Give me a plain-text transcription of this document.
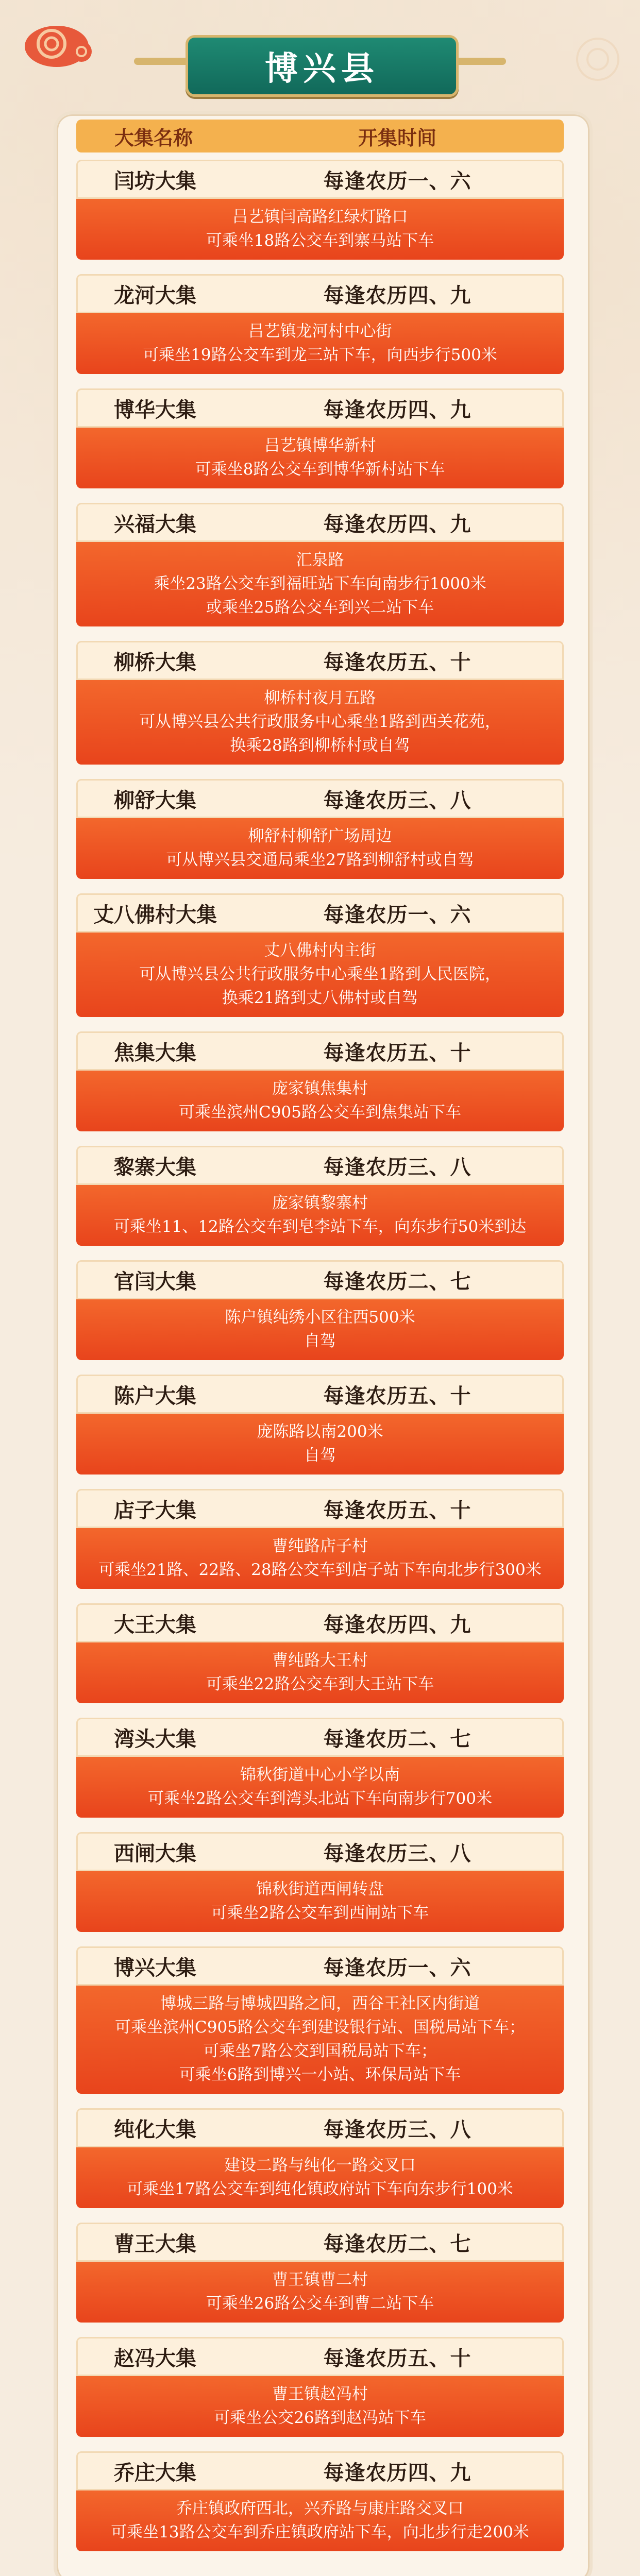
博兴县
大集名称	开集时间
闫坊大集	每逢农历一、六
吕艺镇闫高路红绿灯路口
可乘坐18路公交车到寨马站下车
龙河大集	每逢农历四、九
吕艺镇龙河村中心街
可乘坐19路公交车到龙三站下车，向西步行500米
博华大集	每逢农历四、九
吕艺镇博华新村
可乘坐8路公交车到博华新村站下车
兴福大集	每逢农历四、九
汇泉路
乘坐23路公交车到福旺站下车向南步行1000米
或乘坐25路公交车到兴二站下车
柳桥大集	每逢农历五、十
柳桥村夜月五路
可从博兴县公共行政服务中心乘坐1路到西关花苑，
换乘28路到柳桥村或自驾
柳舒大集	每逢农历三、八
柳舒村柳舒广场周边
可从博兴县交通局乘坐27路到柳舒村或自驾
丈八佛村大集	每逢农历一、六
丈八佛村内主街
可从博兴县公共行政服务中心乘坐1路到人民医院，
换乘21路到丈八佛村或自驾
焦集大集	每逢农历五、十
庞家镇焦集村
可乘坐滨州C905路公交车到焦集站下车
黎寨大集	每逢农历三、八
庞家镇黎寨村
可乘坐11、12路公交车到皂李站下车，向东步行50米到达
官闫大集	每逢农历二、七
陈户镇纯绣小区往西500米
自驾
陈户大集	每逢农历五、十
庞陈路以南200米
自驾
店子大集	每逢农历五、十
曹纯路店子村
可乘坐21路、22路、28路公交车到店子站下车向北步行300米
大王大集	每逢农历四、九
曹纯路大王村
可乘坐22路公交车到大王站下车
湾头大集	每逢农历二、七
锦秋街道中心小学以南
可乘坐2路公交车到湾头北站下车向南步行700米
西闸大集	每逢农历三、八
锦秋街道西闸转盘
可乘坐2路公交车到西闸站下车
博兴大集	每逢农历一、六
博城三路与博城四路之间，西谷王社区内街道
可乘坐滨州C905路公交车到建设银行站、国税局站下车；
可乘坐7路公交到国税局站下车；
可乘坐6路到博兴一小站、环保局站下车
纯化大集	每逢农历三、八
建设二路与纯化一路交叉口
可乘坐17路公交车到纯化镇政府站下车向东步行100米
曹王大集	每逢农历二、七
曹王镇曹二村
可乘坐26路公交车到曹二站下车
赵冯大集	每逢农历五、十
曹王镇赵冯村
可乘坐公交26路到赵冯站下车
乔庄大集	每逢农历四、九
乔庄镇政府西北，兴乔路与康庄路交叉口
可乘坐13路公交车到乔庄镇政府站下车，向北步行走200米
